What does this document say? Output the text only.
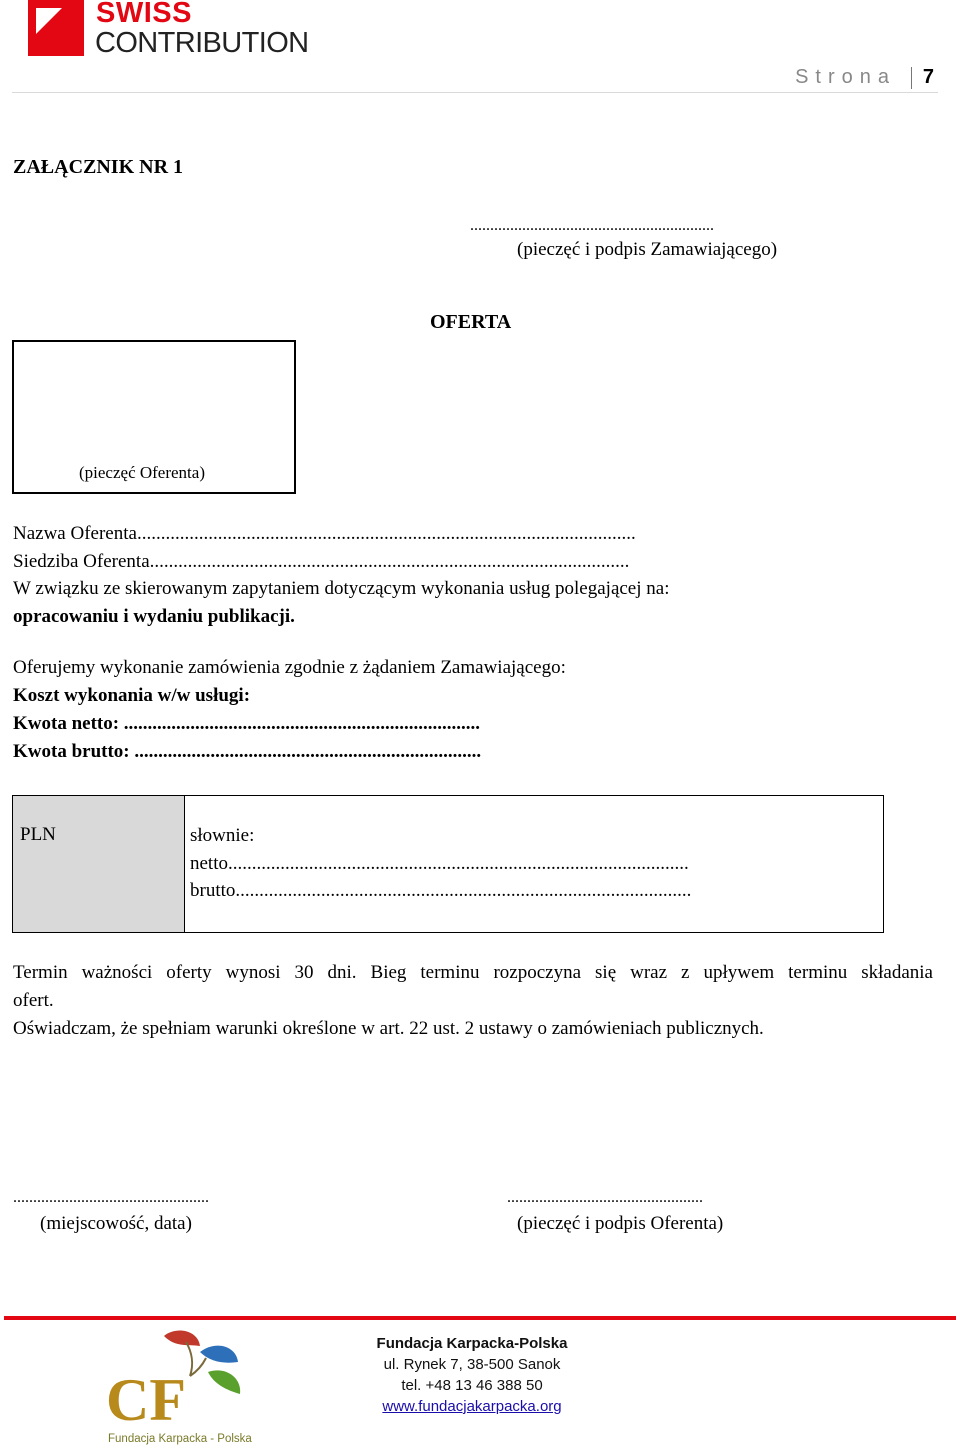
SWISS
CONTRIBUTION
Strona 7
ZAŁĄCZNIK NR 1
.............................................................
(pieczęć i podpis Zamawiającego)
OFERTA
(pieczęć Oferenta)
Nazwa Oferenta.........................................................................................................
Siedziba Oferenta.....................................................................................................
W związku ze skierowanym zapytaniem dotyczącym wykonania usług polegającej na:
opracowaniu i wydaniu publikacji.
Oferujemy wykonanie zamówienia zgodnie z żądaniem Zamawiającego:
Koszt wykonania w/w usługi:
Kwota netto: ...........................................................................
Kwota brutto: .........................................................................
PLN	słownie:
netto.................................................................................................
brutto................................................................................................
Termin ważności oferty wynosi 30 dni. Bieg terminu rozpoczyna się wraz z upływem terminu składania
ofert.
Oświadczam, że spełniam warunki określone w art. 22 ust. 2 ustawy o zamówieniach publicznych.
.................................................
(miejscowość, data)
.................................................
(pieczęć i podpis Oferenta)
CF
Fundacja Karpacka - Polska
Fundacja Karpacka-Polska
ul. Rynek 7, 38-500 Sanok
tel. +48 13 46 388 50
www.fundacjakarpacka.org
